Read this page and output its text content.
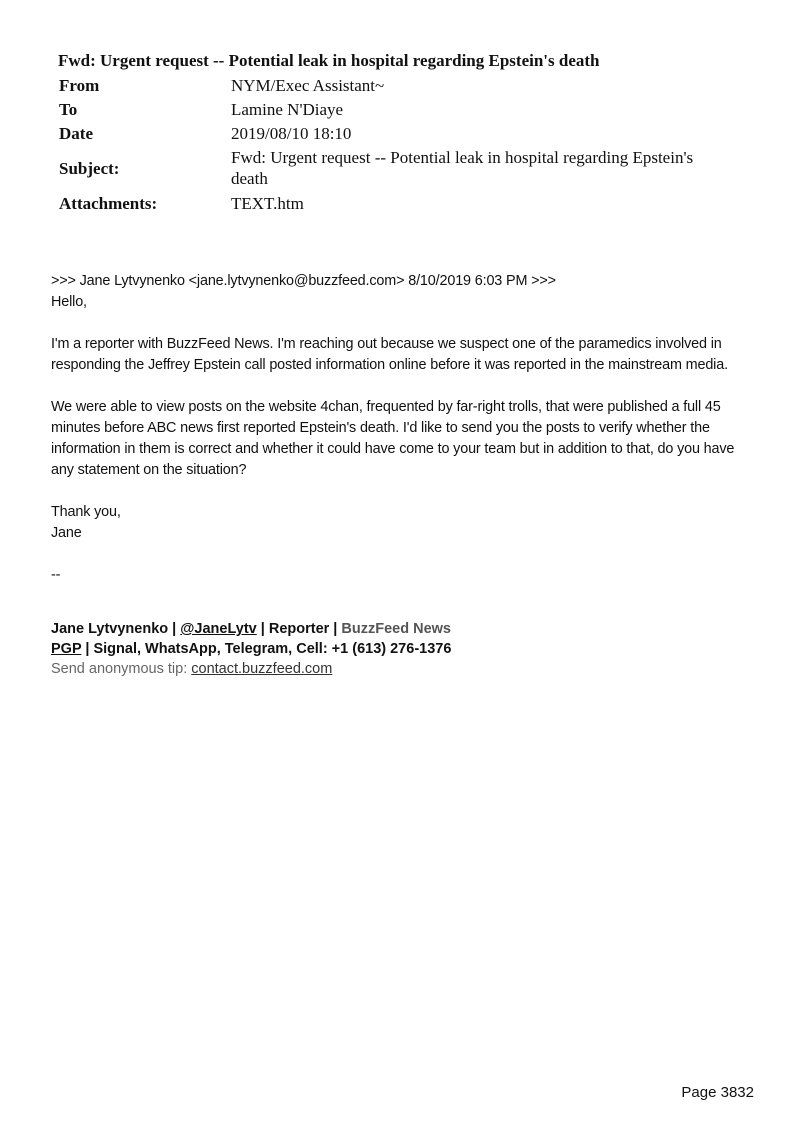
Fwd: Urgent request -- Potential leak in hospital regarding Epstein's death
From	NYM/Exec Assistant~
To	Lamine N'Diaye
Date	2019/08/10 18:10
Subject:	Fwd: Urgent request -- Potential leak in hospital regarding Epstein's death
Attachments:	TEXT.htm

>>> Jane Lytvynenko <jane.lytvynenko@buzzfeed.com> 8/10/2019 6:03 PM >>>

Hello,

I'm a reporter with BuzzFeed News. I'm reaching out because we suspect one of the paramedics involved in responding the Jeffrey Epstein call posted information online before it was reported in the mainstream media.

We were able to view posts on the website 4chan, frequented by far-right trolls, that were published a full 45 minutes before ABC news first reported Epstein's death. I'd like to send you the posts to verify whether the information in them is correct and whether it could have come to your team but in addition to that, do you have any statement on the situation?

Thank you,

Jane

--

Jane Lytvynenko | @JaneLytv | Reporter | BuzzFeed News
PGP | Signal, WhatsApp, Telegram, Cell: +1 (613) 276-1376
Send anonymous tip: contact.buzzfeed.com
Page 3832
